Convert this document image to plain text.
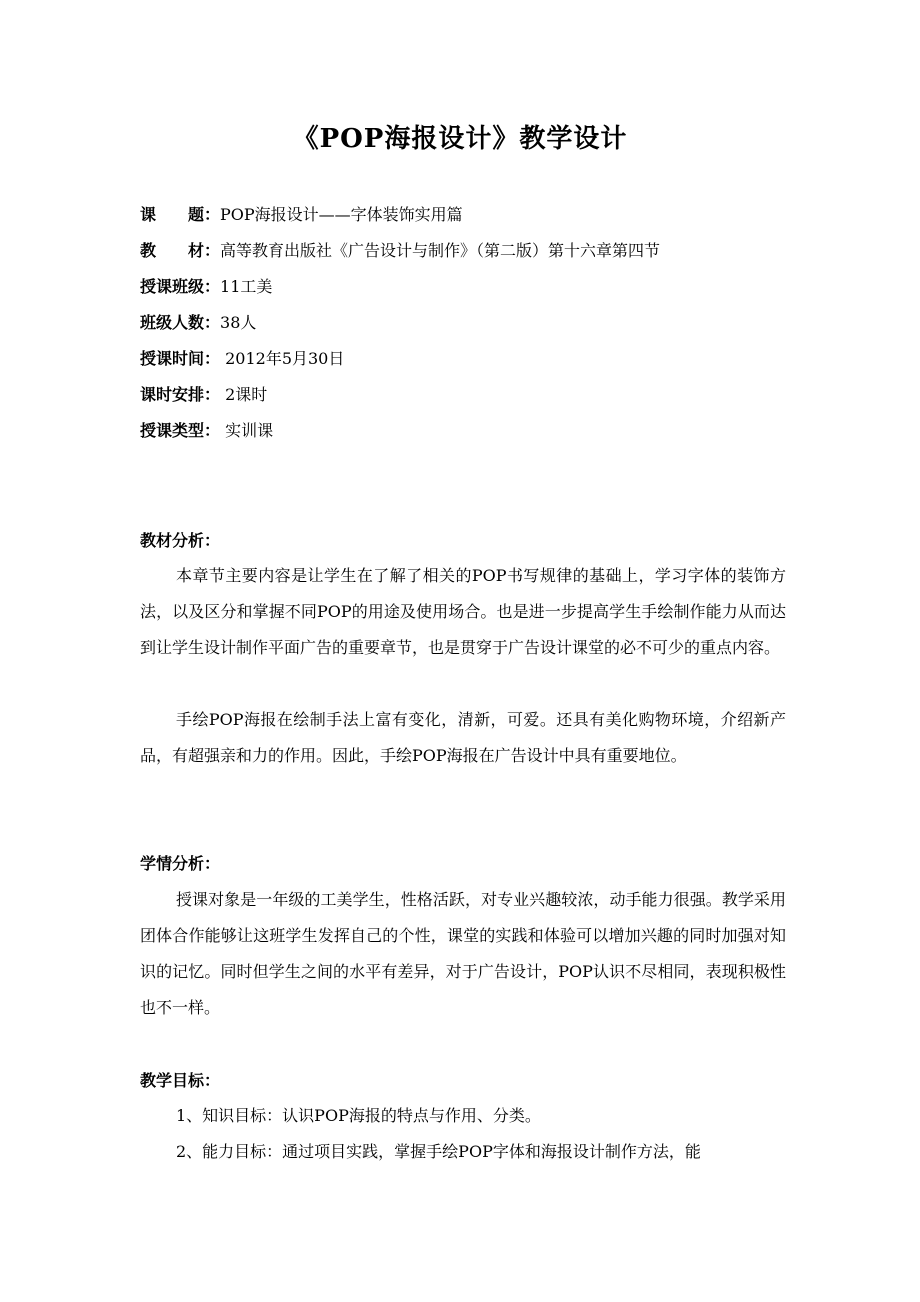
《POP海报设计》教学设计
课　　题：POP海报设计——字体装饰实用篇
教　　材：高等教育出版社《广告设计与制作》（第二版）第十六章第四节
授课班级：11工美
班级人数：38人
授课时间： 2012年5月30日
课时安排： 2课时
授课类型： 实训课
教材分析：
本章节主要内容是让学生在了解了相关的POP书写规律的基础上，学习字体的装饰方法，以及区分和掌握不同POP的用途及使用场合。也是进一步提高学生手绘制作能力从而达到让学生设计制作平面广告的重要章节，也是贯穿于广告设计课堂的必不可少的重点内容。
手绘POP海报在绘制手法上富有变化，清新，可爱。还具有美化购物环境，介绍新产品，有超强亲和力的作用。因此，手绘POP海报在广告设计中具有重要地位。
学情分析：
授课对象是一年级的工美学生，性格活跃，对专业兴趣较浓，动手能力很强。教学采用团体合作能够让这班学生发挥自己的个性，课堂的实践和体验可以增加兴趣的同时加强对知识的记忆。同时但学生之间的水平有差异，对于广告设计，POP认识不尽相同，表现积极性也不一样。
教学目标：
1、知识目标：认识POP海报的特点与作用、分类。
2、能力目标：通过项目实践，掌握手绘POP字体和海报设计制作方法，能
